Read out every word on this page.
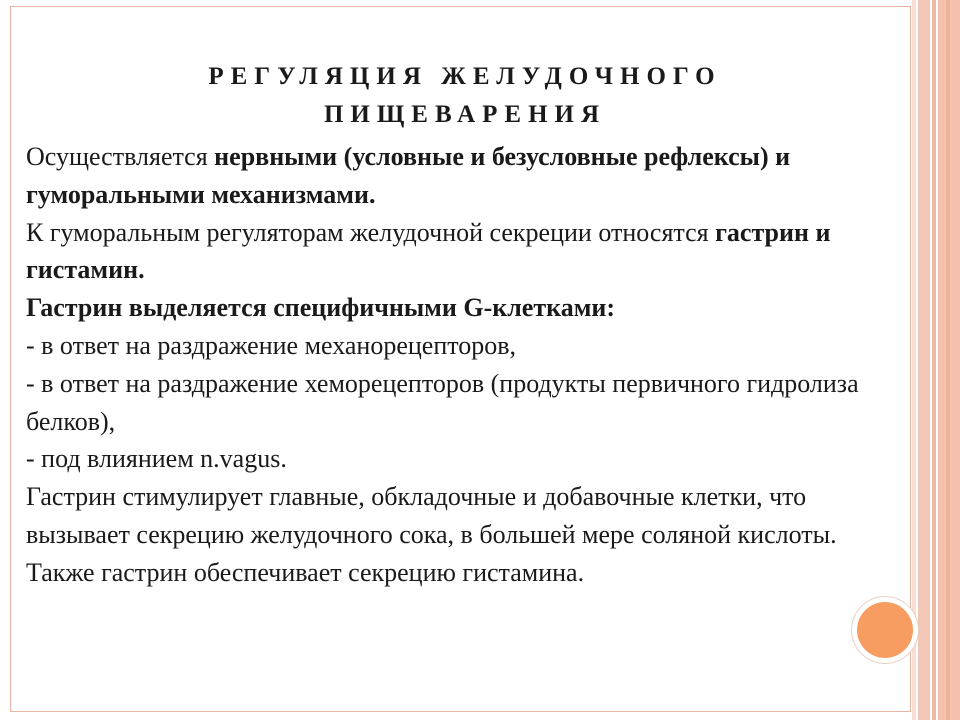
РЕГУЛЯЦИЯ ЖЕЛУДОЧНОГО
ПИЩЕВАРЕНИЯ

Осуществляется нервными (условные и безусловные рефлексы) и гуморальными механизмами.

К гуморальным регуляторам желудочной секреции относятся гастрин и гистамин.

Гастрин выделяется специфичными G-клетками:

- в ответ на раздражение механорецепторов,

- в ответ на раздражение хеморецепторов (продукты первичного гидролиза белков),

- под влиянием n.vagus.

Гастрин стимулирует главные, обкладочные и добавочные клетки, что вызывает секрецию желудочного сока, в большей мере соляной кислоты. Также гастрин обеспечивает секрецию гистамина.
